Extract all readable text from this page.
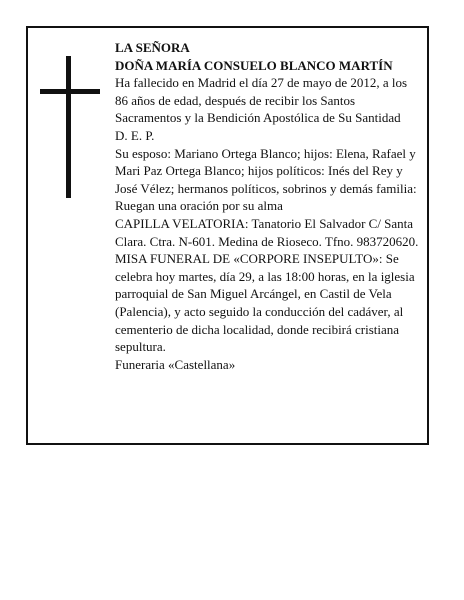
LA SEÑORA

DOÑA MARÍA CONSUELO BLANCO MARTÍN

Ha fallecido en Madrid el día 27 de mayo de 2012, a los 86 años de edad, después de recibir los Santos Sacramentos y la Bendición Apostólica de Su Santidad

D. E. P.

Su esposo: Mariano Ortega Blanco; hijos: Elena, Rafael y Mari Paz Ortega Blanco; hijos políticos: Inés del Rey y José Vélez; hermanos políticos, sobrinos y demás familia:

Ruegan una oración por su alma

CAPILLA VELATORIA: Tanatorio El Salvador C/ Santa Clara. Ctra. N-601. Medina de Rioseco. Tfno. 983720620.

MISA FUNERAL DE «CORPORE INSEPULTO»: Se celebra hoy martes, día 29, a las 18:00 horas, en la iglesia parroquial de San Miguel Arcángel, en Castil de Vela (Palencia), y acto seguido la conducción del cadáver, al cementerio de dicha localidad, donde recibirá cristiana sepultura.

Funeraria «Castellana»
